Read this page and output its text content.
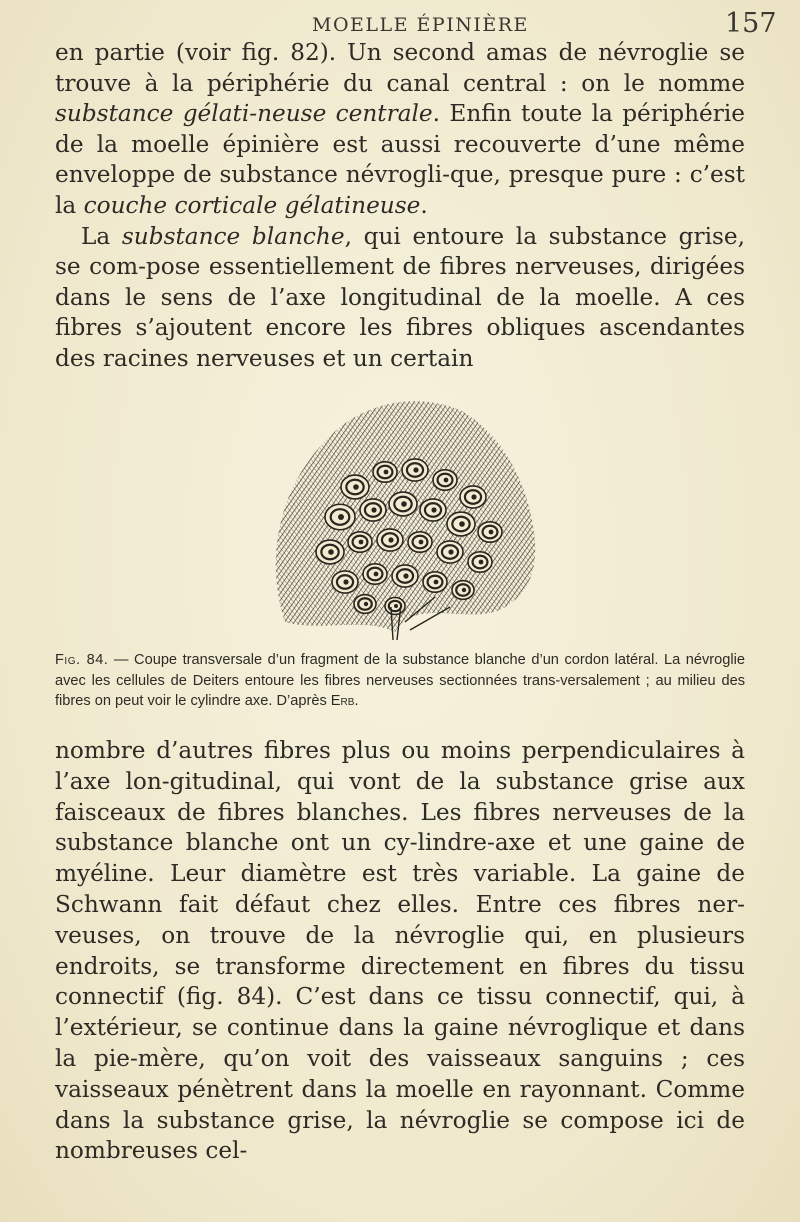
MOELLE ÉPINIÈRE	157

en partie (voir fig. 82). Un second amas de névroglie se trouve à la périphérie du canal central : on le nomme substance gélati-neuse centrale. Enfin toute la périphérie de la moelle épinière est aussi recouverte d’une même enveloppe de substance névrogli-que, presque pure : c’est la couche corticale gélatineuse.

La substance blanche, qui entoure la substance grise, se com-pose essentiellement de fibres nerveuses, dirigées dans le sens de l’axe longitudinal de la moelle. A ces fibres s’ajoutent encore les fibres obliques ascendantes des racines nerveuses et un certain

Fig. 84. — Coupe transversale d’un fragment de la substance blanche d’un cordon latéral. La névroglie avec les cellules de Deiters entoure les fibres nerveuses sectionnées trans-versalement ; au milieu des fibres on peut voir le cylindre axe. D’après Erb.

nombre d’autres fibres plus ou moins perpendiculaires à l’axe lon-gitudinal, qui vont de la substance grise aux faisceaux de fibres blanches. Les fibres nerveuses de la substance blanche ont un cy-lindre-axe et une gaine de myéline. Leur diamètre est très variable. La gaine de Schwann fait défaut chez elles. Entre ces fibres ner-veuses, on trouve de la névroglie qui, en plusieurs endroits, se transforme directement en fibres du tissu connectif (fig. 84). C’est dans ce tissu connectif, qui, à l’extérieur, se continue dans la gaine névroglique et dans la pie-mère, qu’on voit des vaisseaux sanguins ; ces vaisseaux pénètrent dans la moelle en rayonnant. Comme dans la substance grise, la névroglie se compose ici de nombreuses cel-
